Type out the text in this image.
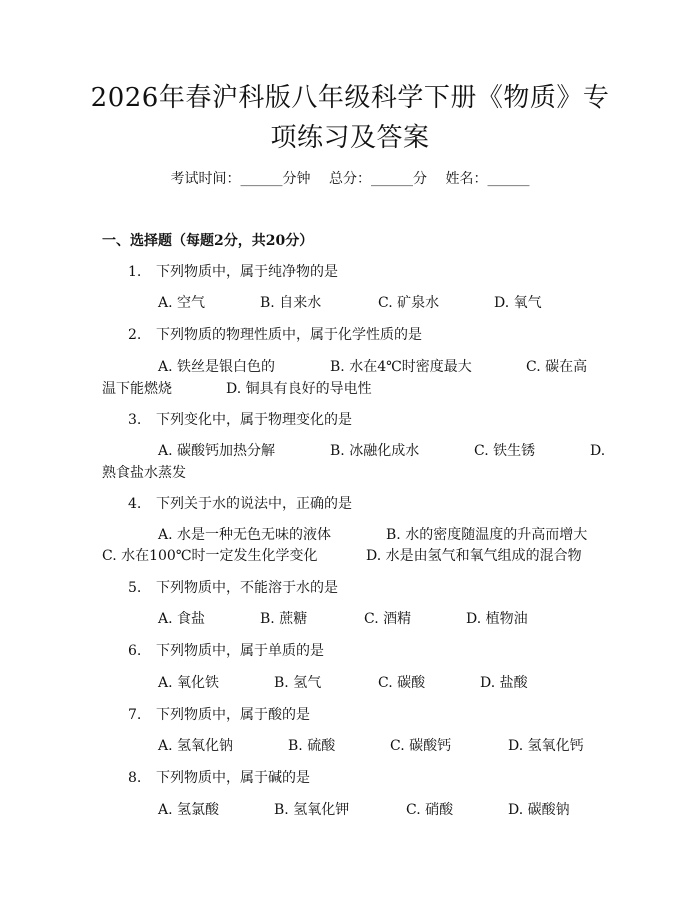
2026年春沪科版八年级科学下册《物质》专
项练习及答案
考试时间：______分钟 总分：______分 姓名：______
一、选择题（每题2分，共20分）
1. 下列物质中，属于纯净物的是
A. 空气	B. 自来水	C. 矿泉水	D. 氧气
2. 下列物质的物理性质中，属于化学性质的是
A. 铁丝是银白色的	B. 水在4℃时密度最大	C. 碳在高
温下能燃烧	D. 铜具有良好的导电性
3. 下列变化中，属于物理变化的是
A. 碳酸钙加热分解	B. 冰融化成水	C. 铁生锈	D.
熟食盐水蒸发
4. 下列关于水的说法中，正确的是
A. 水是一种无色无味的液体	B. 水的密度随温度的升高而增大
C. 水在100℃时一定发生化学变化	D. 水是由氢气和氧气组成的混合物
5. 下列物质中，不能溶于水的是
A. 食盐	B. 蔗糖	C. 酒精	D. 植物油
6. 下列物质中，属于单质的是
A. 氧化铁	B. 氢气	C. 碳酸	D. 盐酸
7. 下列物质中，属于酸的是
A. 氢氧化钠	B. 硫酸	C. 碳酸钙	D. 氢氧化钙
8. 下列物质中，属于碱的是
A. 氢氯酸	B. 氢氧化钾	C. 硝酸	D. 碳酸钠
